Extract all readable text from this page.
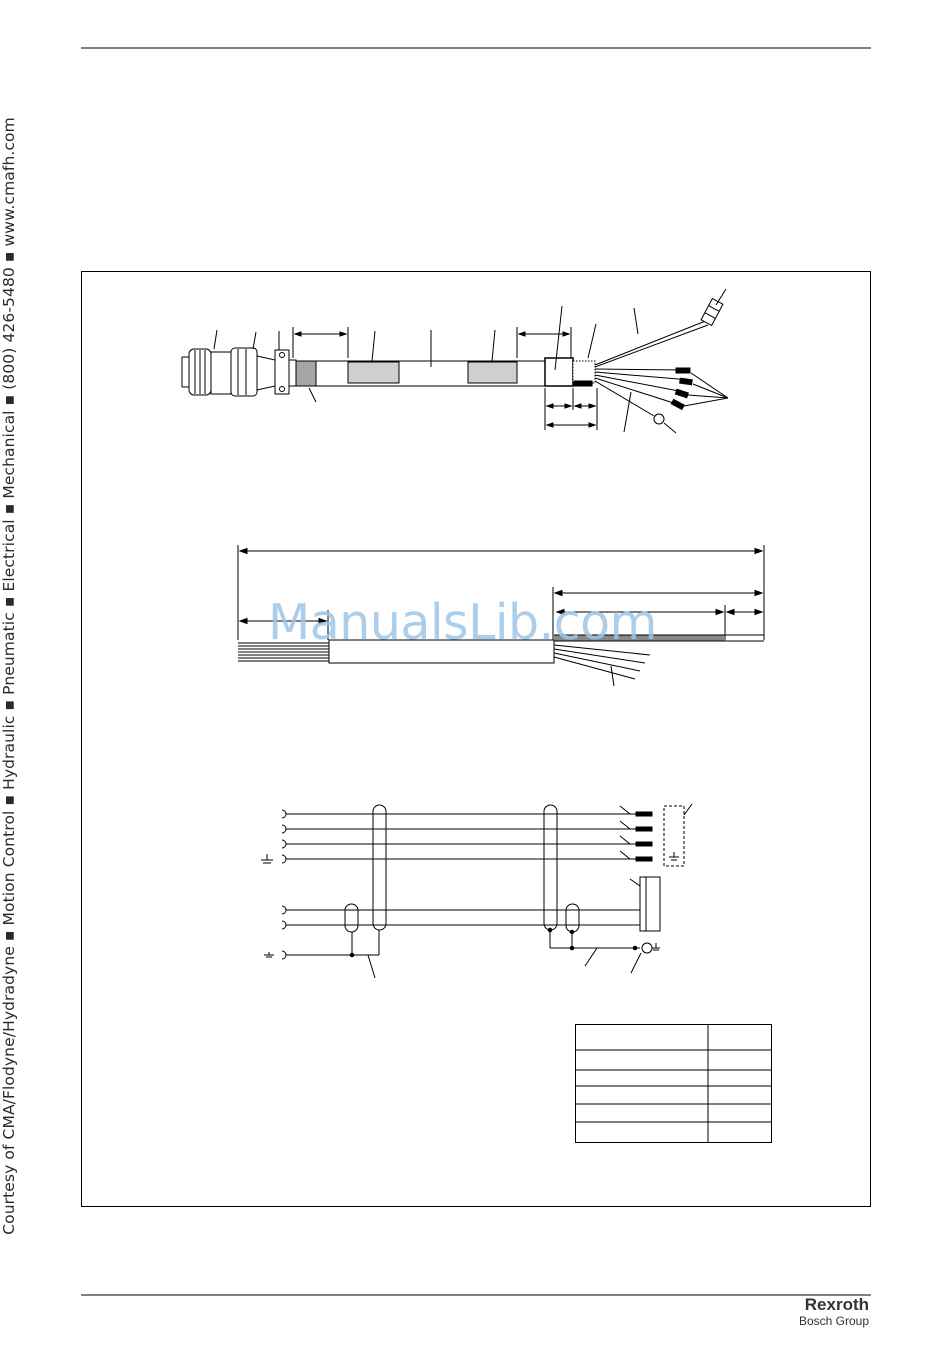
Courtesy of CMA/Flodyne/Hydradyne ▪ Motion Control ▪ Hydraulic ▪ Pneumatic ▪ Electrical ▪ Mechanical ▪ (800) 426-5480 ▪ www.cmafh.com	ManualsLib.com
Rexroth
Bosch Group
